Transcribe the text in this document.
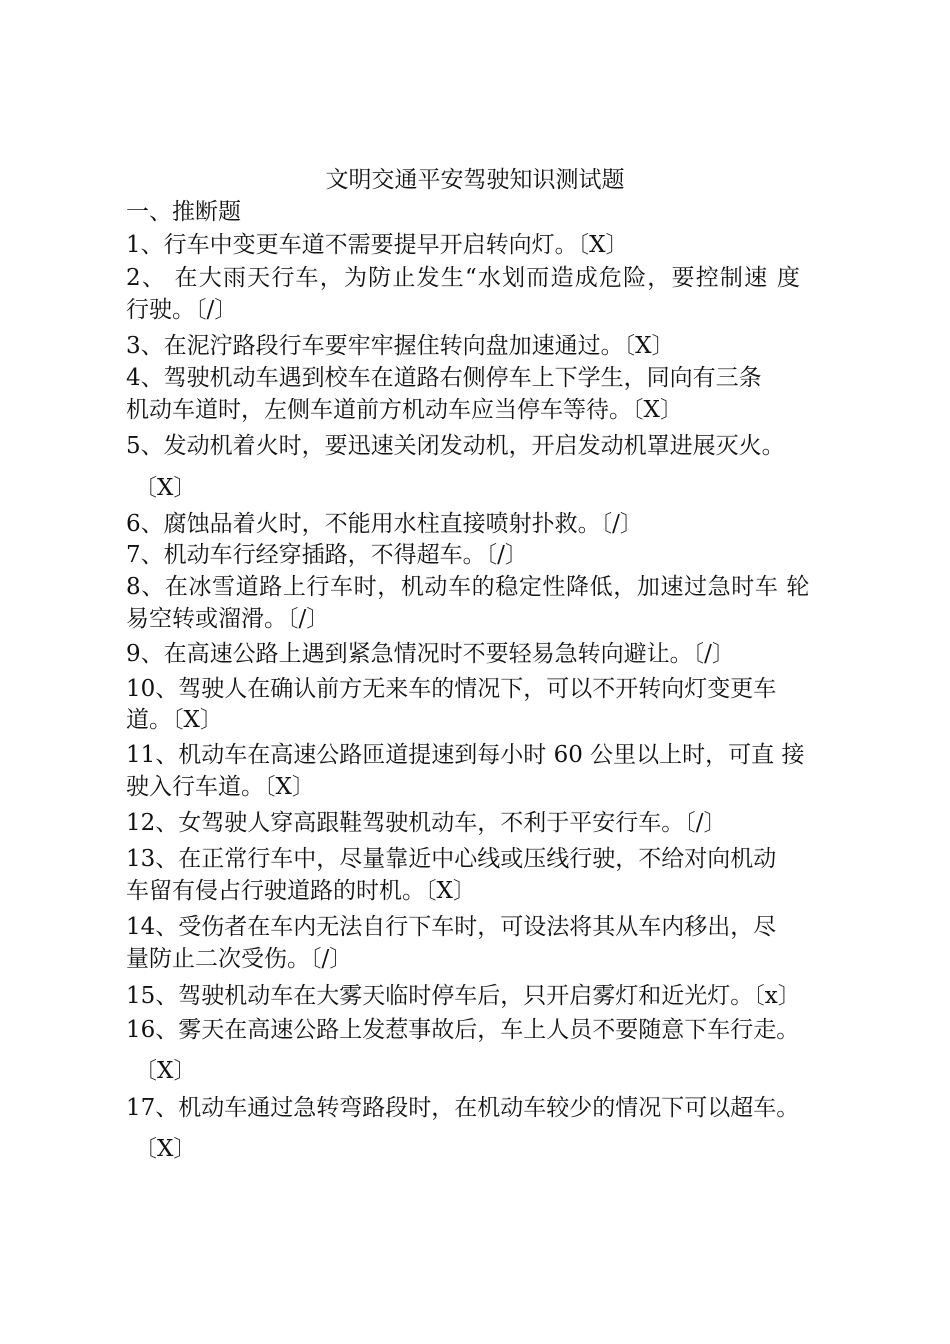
文明交通平安驾驶知识测试题
一、推断题
1、行车中变更车道不需要提早开启转向灯。〔X〕
2、 在大雨天行车，为防止发生“水划而造成危险，要控制速 度
行驶。〔/〕
3、在泥泞路段行车要牢牢握住转向盘加速通过。〔X〕
4、驾驶机动车遇到校车在道路右侧停车上下学生，同向有三条
机动车道时，左侧车道前方机动车应当停车等待。〔X〕
5、发动机着火时，要迅速关闭发动机，开启发动机罩进展灭火。
〔X〕
6、腐蚀品着火时，不能用水柱直接喷射扑救。〔/〕
7、机动车行经穿插路，不得超车。〔/〕
8、在冰雪道路上行车时，机动车的稳定性降低，加速过急时车 轮
易空转或溜滑。〔/〕
9、在高速公路上遇到紧急情况时不要轻易急转向避让。〔/〕
10、驾驶人在确认前方无来车的情况下，可以不开转向灯变更车
道。〔X〕
11、机动车在高速公路匝道提速到每小时 60 公里以上时，可直 接
驶入行车道。〔X〕
12、女驾驶人穿高跟鞋驾驶机动车，不利于平安行车。〔/〕
13、在正常行车中，尽量靠近中心线或压线行驶，不给对向机动
车留有侵占行驶道路的时机。〔X〕
14、受伤者在车内无法自行下车时，可设法将其从车内移出，尽
量防止二次受伤。〔/〕
15、驾驶机动车在大雾天临时停车后，只开启雾灯和近光灯。〔x〕
16、雾天在高速公路上发惹事故后，车上人员不要随意下车行走。
〔X〕
17、机动车通过急转弯路段时，在机动车较少的情况下可以超车。
〔X〕
